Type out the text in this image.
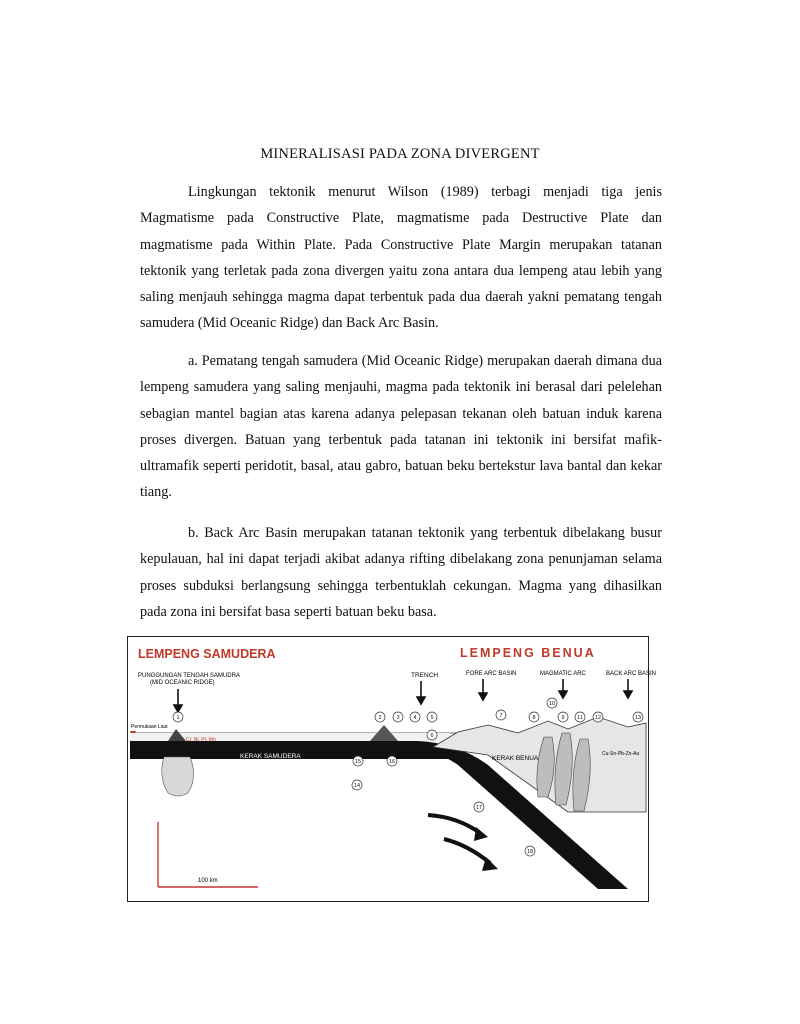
MINERALISASI PADA ZONA DIVERGENT

Lingkungan tektonik menurut Wilson (1989) terbagi menjadi tiga jenis Magmatisme pada Constructive Plate, magmatisme pada Destructive Plate dan magmatisme pada Within Plate. Pada Constructive Plate Margin merupakan tatanan tektonik yang terletak pada zona divergen yaitu zona antara dua lempeng atau lebih yang saling menjauh sehingga magma dapat terbentuk pada dua daerah yakni pematang tengah samudera (Mid Oceanic Ridge) dan Back Arc Basin.

a. Pematang tengah samudera (Mid Oceanic Ridge) merupakan daerah dimana dua lempeng samudera yang saling menjauhi, magma pada tektonik ini berasal dari pelelehan sebagian mantel bagian atas karena adanya pelepasan tekanan oleh batuan induk karena proses divergen. Batuan yang terbentuk pada tatanan ini tektonik ini bersifat mafik-ultramafik seperti peridotit, basal, atau gabro, batuan beku bertekstur lava bantal dan kekar tiang.

b. Back Arc Basin merupakan tatanan tektonik yang terbentuk dibelakang busur kepulauan, hal ini dapat terjadi akibat adanya rifting dibelakang zona penunjaman selama proses subduksi berlangsung sehingga terbentuklah cekungan. Magma yang dihasilkan pada zona ini bersifat basa seperti batuan beku basa.

LEMPENG SAMUDERA	LEMPENG BENUA
PUNGGUNGAN TENGAH SAMUDRA
(MID OCEANIC RIDGE)
TRENCH	FORE ARC BASIN	MAGMATIC ARC	BACK ARC BASIN
Permukaan Laut
KERAK SAMUDERA
Cr, Ni, Pt, Mn
KERAK BENUA
Cu-Sn-Pb-Zn-Au
1	2	3	4	5
6
7	8	9
10
11 12	13
14
15	16
17
18
100 km
